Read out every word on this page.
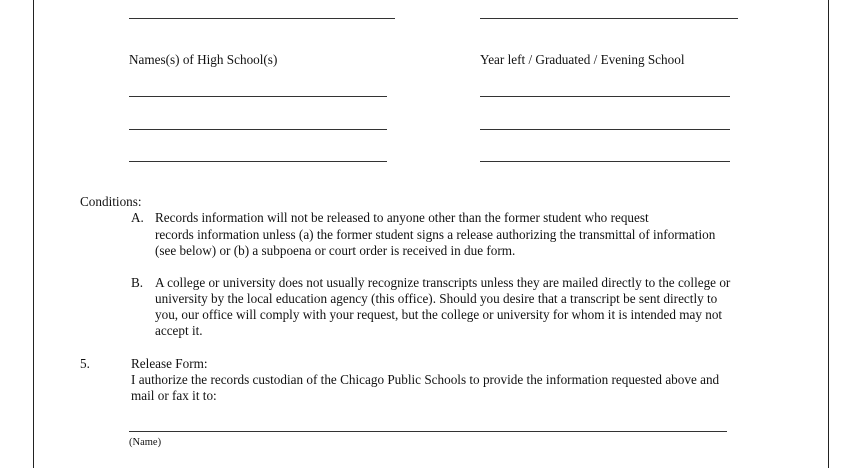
Names(s) of High School(s)	Year left / Graduated / Evening School
Conditions:
A. Records information will not be released to anyone other than the former student who request
records information unless (a) the former student signs a release authorizing the transmittal of information
(see below) or (b) a subpoena or court order is received in due form.
B. A college or university does not usually recognize transcripts unless they are mailed directly to the college or
university by the local education agency (this office). Should you desire that a transcript be sent directly to
you, our office will comply with your request, but the college or university for whom it is intended may not
accept it.
5.	Release Form:
I authorize the records custodian of the Chicago Public Schools to provide the information requested above and
mail or fax it to:
(Name)
